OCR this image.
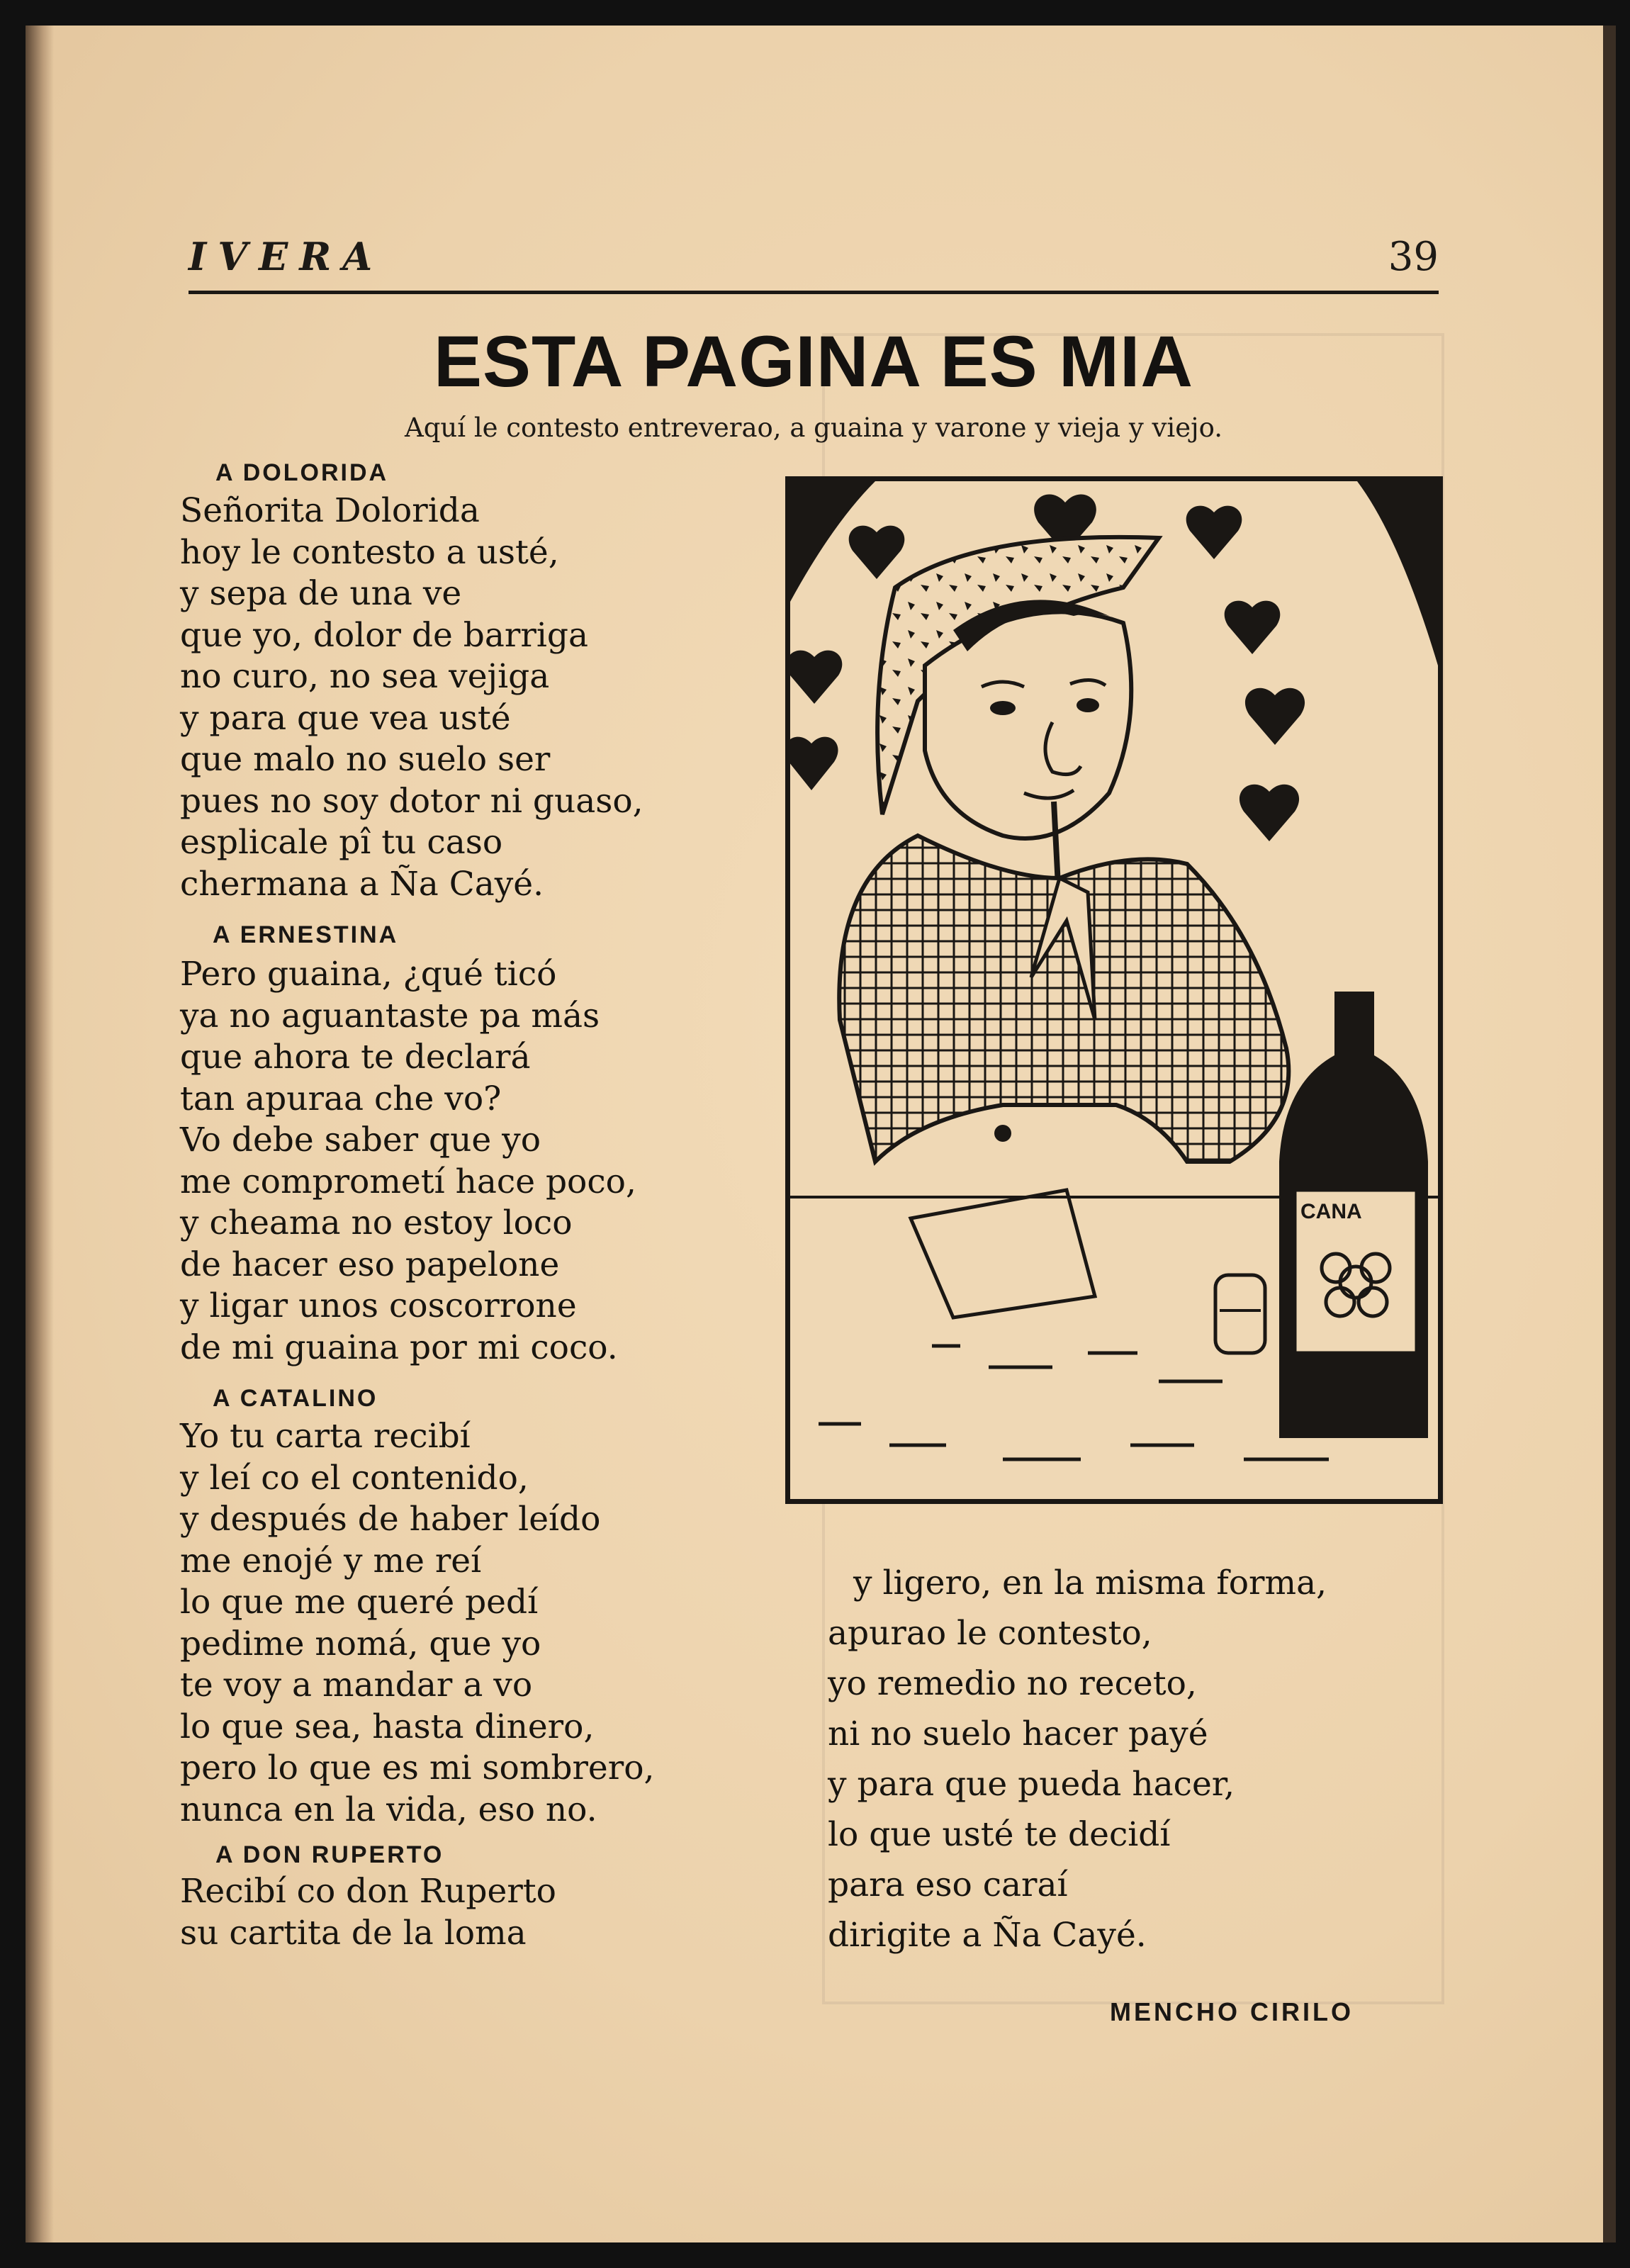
IVERA	39
ESTA PAGINA ES MIA
Aquí le contesto entreverao, a guaina y varone y vieja y viejo.
A DOLORIDA
Señorita Dolorida
hoy le contesto a usté,
y sepa de una ve
que yo, dolor de barriga
no curo, no sea vejiga
y para que vea usté
que malo no suelo ser
pues no soy dotor ni guaso,
esplicale pî tu caso
chermana a Ña Cayé.
A ERNESTINA
Pero guaina, ¿qué ticó
ya no aguantaste pa más
que ahora te declará
tan apuraa che vo?
Vo debe saber que yo
me comprometí hace poco,
y cheama no estoy loco
de hacer eso papelone
y ligar unos coscorrone
de mi guaina por mi coco.
A CATALINO
Yo tu carta recibí
y leí co el contenido,
y después de haber leído
me enojé y me reí
lo que me queré pedí
pedime nomá, que yo
te voy a mandar a vo
lo que sea, hasta dinero,
pero lo que es mi sombrero,
nunca en la vida, eso no.
A DON RUPERTO
Recibí co don Ruperto
su cartita de la loma
y ligero, en la misma forma,
apurao le contesto,
yo remedio no receto,
ni no suelo hacer payé
y para que pueda hacer,
lo que usté te decidí
para eso caraí
dirigite a Ña Cayé.
CANA
MENCHO CIRILO
